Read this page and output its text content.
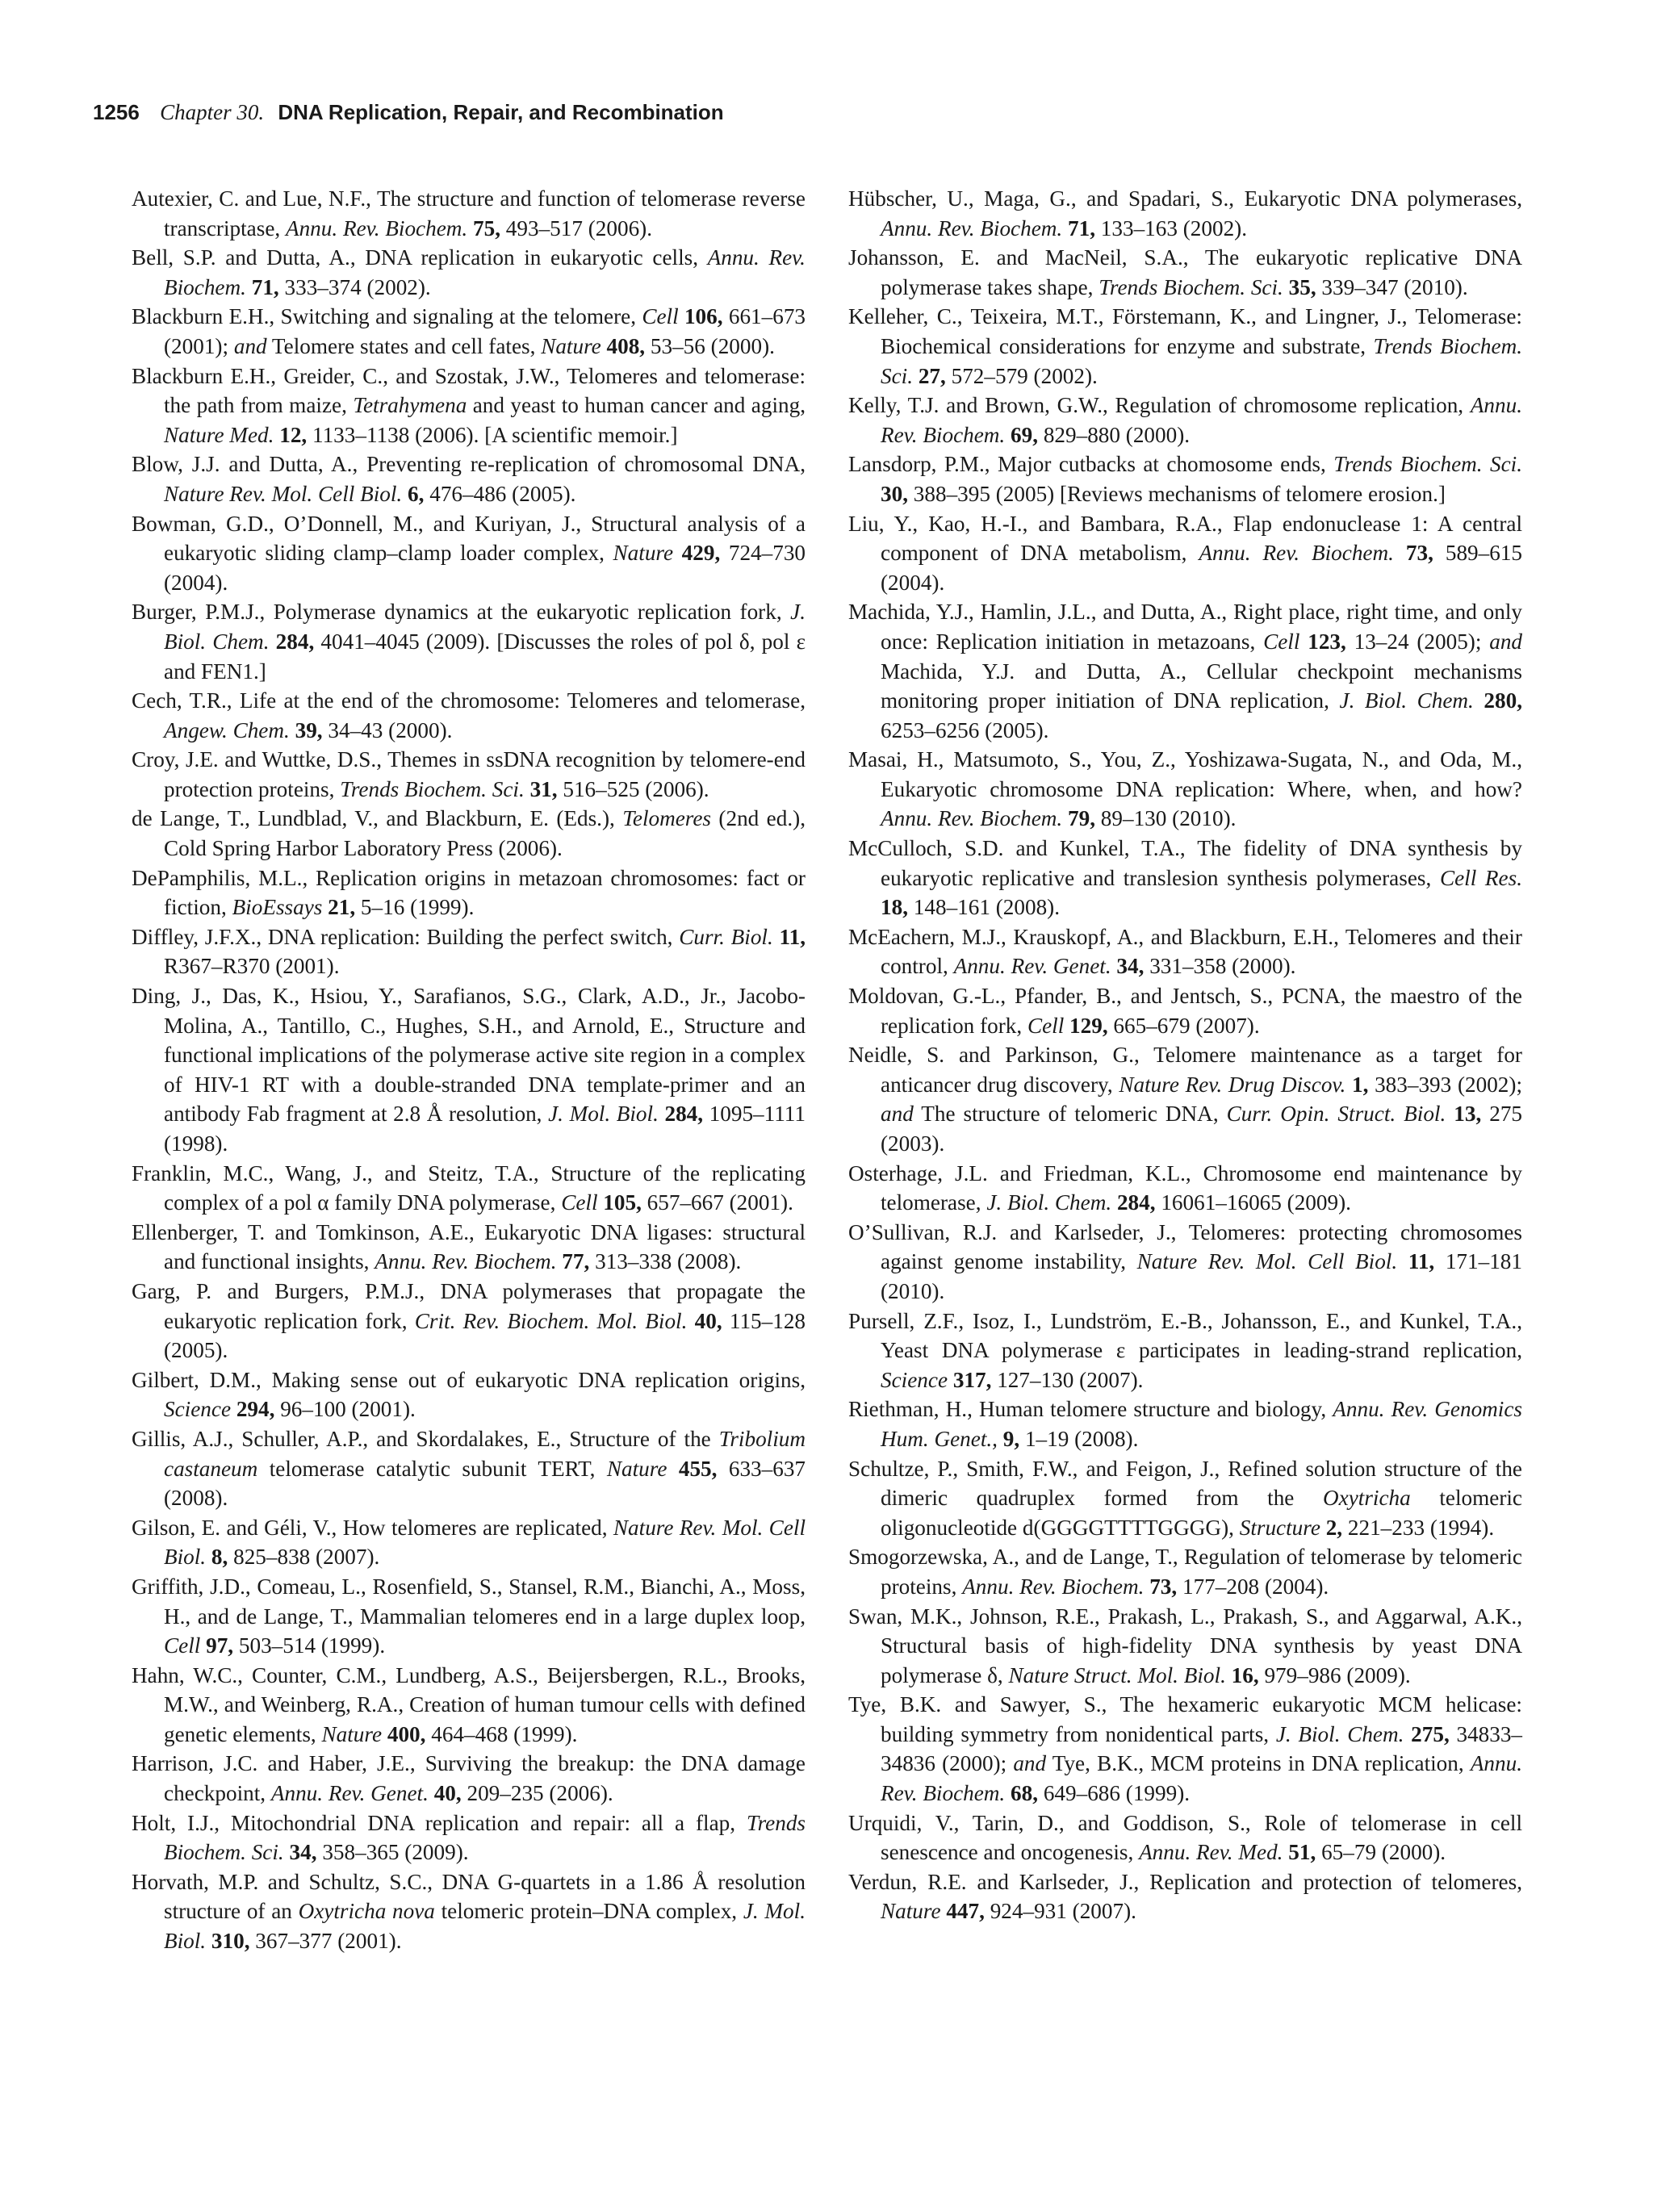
1256 Chapter 30. DNA Replication, Repair, and Recombination

Autexier, C. and Lue, N.F., The structure and function of telomerase reverse transcriptase, Annu. Rev. Biochem. 75, 493–517 (2006).

Bell, S.P. and Dutta, A., DNA replication in eukaryotic cells, Annu. Rev. Biochem. 71, 333–374 (2002).

Blackburn E.H., Switching and signaling at the telomere, Cell 106, 661–673 (2001); and Telomere states and cell fates, Nature 408, 53–56 (2000).

Blackburn E.H., Greider, C., and Szostak, J.W., Telomeres and telomerase: the path from maize, Tetrahymena and yeast to human cancer and aging, Nature Med. 12, 1133–1138 (2006). [A scientific memoir.]

Blow, J.J. and Dutta, A., Preventing re-replication of chromosomal DNA, Nature Rev. Mol. Cell Biol. 6, 476–486 (2005).

Bowman, G.D., O’Donnell, M., and Kuriyan, J., Structural analysis of a eukaryotic sliding clamp–clamp loader complex, Nature 429, 724–730 (2004).

Burger, P.M.J., Polymerase dynamics at the eukaryotic replication fork, J. Biol. Chem. 284, 4041–4045 (2009). [Discusses the roles of pol δ, pol ε and FEN1.]

Cech, T.R., Life at the end of the chromosome: Telomeres and telomerase, Angew. Chem. 39, 34–43 (2000).

Croy, J.E. and Wuttke, D.S., Themes in ssDNA recognition by telomere-end protection proteins, Trends Biochem. Sci. 31, 516–525 (2006).

de Lange, T., Lundblad, V., and Blackburn, E. (Eds.), Telomeres (2nd ed.), Cold Spring Harbor Laboratory Press (2006).

DePamphilis, M.L., Replication origins in metazoan chromosomes: fact or fiction, BioEssays 21, 5–16 (1999).

Diffley, J.F.X., DNA replication: Building the perfect switch, Curr. Biol. 11, R367–R370 (2001).

Ding, J., Das, K., Hsiou, Y., Sarafianos, S.G., Clark, A.D., Jr., Jacobo-Molina, A., Tantillo, C., Hughes, S.H., and Arnold, E., Structure and functional implications of the polymerase active site region in a complex of HIV-1 RT with a double-stranded DNA template-primer and an antibody Fab fragment at 2.8 Å resolution, J. Mol. Biol. 284, 1095–1111 (1998).

Franklin, M.C., Wang, J., and Steitz, T.A., Structure of the replicating complex of a pol α family DNA polymerase, Cell 105, 657–667 (2001).

Ellenberger, T. and Tomkinson, A.E., Eukaryotic DNA ligases: structural and functional insights, Annu. Rev. Biochem. 77, 313–338 (2008).

Garg, P. and Burgers, P.M.J., DNA polymerases that propagate the eukaryotic replication fork, Crit. Rev. Biochem. Mol. Biol. 40, 115–128 (2005).

Gilbert, D.M., Making sense out of eukaryotic DNA replication origins, Science 294, 96–100 (2001).

Gillis, A.J., Schuller, A.P., and Skordalakes, E., Structure of the Tribolium castaneum telomerase catalytic subunit TERT, Nature 455, 633–637 (2008).

Gilson, E. and Géli, V., How telomeres are replicated, Nature Rev. Mol. Cell Biol. 8, 825–838 (2007).

Griffith, J.D., Comeau, L., Rosenfield, S., Stansel, R.M., Bianchi, A., Moss, H., and de Lange, T., Mammalian telomeres end in a large duplex loop, Cell 97, 503–514 (1999).

Hahn, W.C., Counter, C.M., Lundberg, A.S., Beijersbergen, R.L., Brooks, M.W., and Weinberg, R.A., Creation of human tumour cells with defined genetic elements, Nature 400, 464–468 (1999).

Harrison, J.C. and Haber, J.E., Surviving the breakup: the DNA damage checkpoint, Annu. Rev. Genet. 40, 209–235 (2006).

Holt, I.J., Mitochondrial DNA replication and repair: all a flap, Trends Biochem. Sci. 34, 358–365 (2009).

Horvath, M.P. and Schultz, S.C., DNA G-quartets in a 1.86 Å resolution structure of an Oxytricha nova telomeric protein–DNA complex, J. Mol. Biol. 310, 367–377 (2001).

Hübscher, U., Maga, G., and Spadari, S., Eukaryotic DNA polymerases, Annu. Rev. Biochem. 71, 133–163 (2002).

Johansson, E. and MacNeil, S.A., The eukaryotic replicative DNA polymerase takes shape, Trends Biochem. Sci. 35, 339–347 (2010).

Kelleher, C., Teixeira, M.T., Förstemann, K., and Lingner, J., Telomerase: Biochemical considerations for enzyme and substrate, Trends Biochem. Sci. 27, 572–579 (2002).

Kelly, T.J. and Brown, G.W., Regulation of chromosome replication, Annu. Rev. Biochem. 69, 829–880 (2000).

Lansdorp, P.M., Major cutbacks at chomosome ends, Trends Biochem. Sci. 30, 388–395 (2005) [Reviews mechanisms of telomere erosion.]

Liu, Y., Kao, H.-I., and Bambara, R.A., Flap endonuclease 1: A central component of DNA metabolism, Annu. Rev. Biochem. 73, 589–615 (2004).

Machida, Y.J., Hamlin, J.L., and Dutta, A., Right place, right time, and only once: Replication initiation in metazoans, Cell 123, 13–24 (2005); and Machida, Y.J. and Dutta, A., Cellular checkpoint mechanisms monitoring proper initiation of DNA replication, J. Biol. Chem. 280, 6253–6256 (2005).

Masai, H., Matsumoto, S., You, Z., Yoshizawa-Sugata, N., and Oda, M., Eukaryotic chromosome DNA replication: Where, when, and how? Annu. Rev. Biochem. 79, 89–130 (2010).

McCulloch, S.D. and Kunkel, T.A., The fidelity of DNA synthesis by eukaryotic replicative and translesion synthesis polymerases, Cell Res. 18, 148–161 (2008).

McEachern, M.J., Krauskopf, A., and Blackburn, E.H., Telomeres and their control, Annu. Rev. Genet. 34, 331–358 (2000).

Moldovan, G.-L., Pfander, B., and Jentsch, S., PCNA, the maestro of the replication fork, Cell 129, 665–679 (2007).

Neidle, S. and Parkinson, G., Telomere maintenance as a target for anticancer drug discovery, Nature Rev. Drug Discov. 1, 383–393 (2002); and The structure of telomeric DNA, Curr. Opin. Struct. Biol. 13, 275 (2003).

Osterhage, J.L. and Friedman, K.L., Chromosome end maintenance by telomerase, J. Biol. Chem. 284, 16061–16065 (2009).

O’Sullivan, R.J. and Karlseder, J., Telomeres: protecting chromosomes against genome instability, Nature Rev. Mol. Cell Biol. 11, 171–181 (2010).

Pursell, Z.F., Isoz, I., Lundström, E.-B., Johansson, E., and Kunkel, T.A., Yeast DNA polymerase ε participates in leading-strand replication, Science 317, 127–130 (2007).

Riethman, H., Human telomere structure and biology, Annu. Rev. Genomics Hum. Genet., 9, 1–19 (2008).

Schultze, P., Smith, F.W., and Feigon, J., Refined solution structure of the dimeric quadruplex formed from the Oxytricha telomeric oligonucleotide d(GGGGTTTTGGGG), Structure 2, 221–233 (1994).

Smogorzewska, A., and de Lange, T., Regulation of telomerase by telomeric proteins, Annu. Rev. Biochem. 73, 177–208 (2004).

Swan, M.K., Johnson, R.E., Prakash, L., Prakash, S., and Aggarwal, A.K., Structural basis of high-fidelity DNA synthesis by yeast DNA polymerase δ, Nature Struct. Mol. Biol. 16, 979–986 (2009).

Tye, B.K. and Sawyer, S., The hexameric eukaryotic MCM helicase: building symmetry from nonidentical parts, J. Biol. Chem. 275, 34833–34836 (2000); and Tye, B.K., MCM proteins in DNA replication, Annu. Rev. Biochem. 68, 649–686 (1999).

Urquidi, V., Tarin, D., and Goddison, S., Role of telomerase in cell senescence and oncogenesis, Annu. Rev. Med. 51, 65–79 (2000).

Verdun, R.E. and Karlseder, J., Replication and protection of telomeres, Nature 447, 924–931 (2007).
